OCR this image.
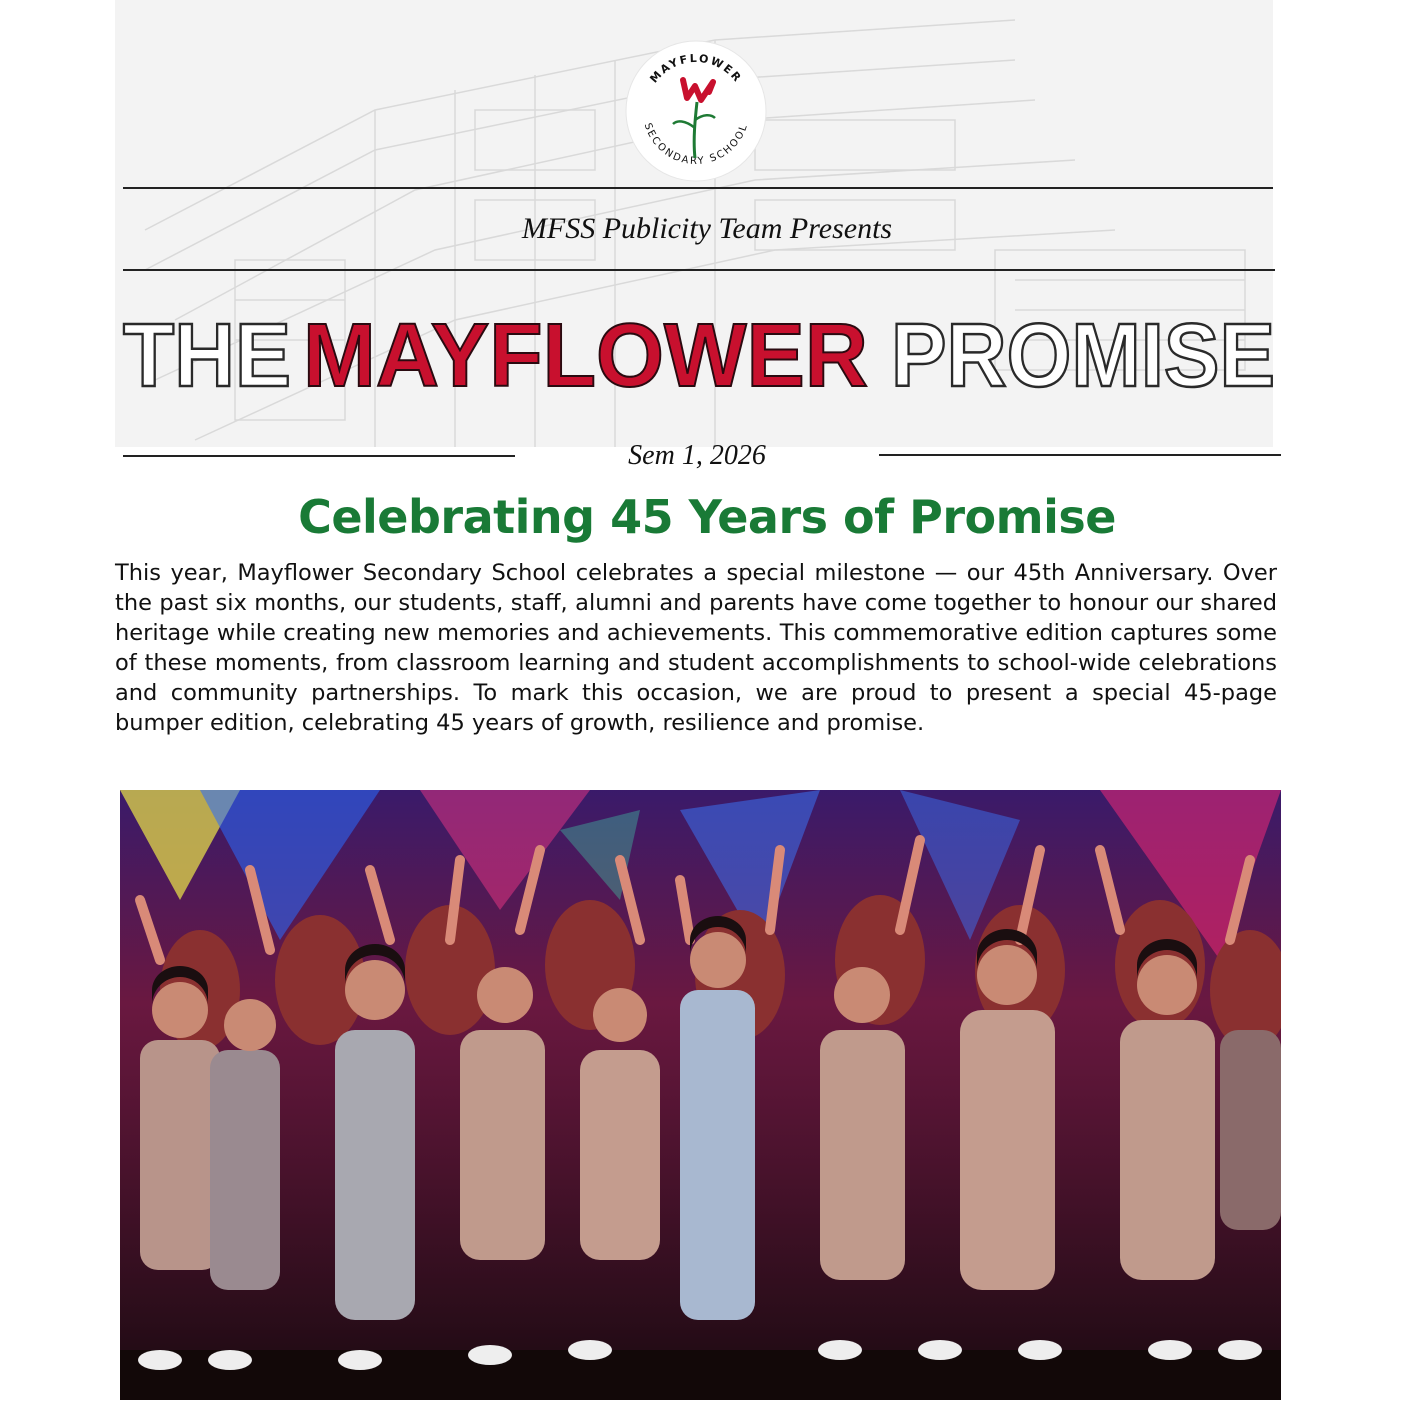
MAYFLOWER
SECONDARY SCHOOL
MFSS Publicity Team Presents
THE MAYFLOWER PROMISE
Sem 1, 2026
Celebrating 45 Years of Promise
This year, Mayflower Secondary School celebrates a special milestone — our 45th Anniversary. Over the past six months, our students, staff, alumni and parents have come together to honour our shared heritage while creating new memories and achievements. This commemorative edition captures some of these moments, from classroom learning and student accomplishments to school-wide celebrations and community partnerships. To mark this occasion, we are proud to present a special 45-page bumper edition, celebrating 45 years of growth, resilience and promise.
